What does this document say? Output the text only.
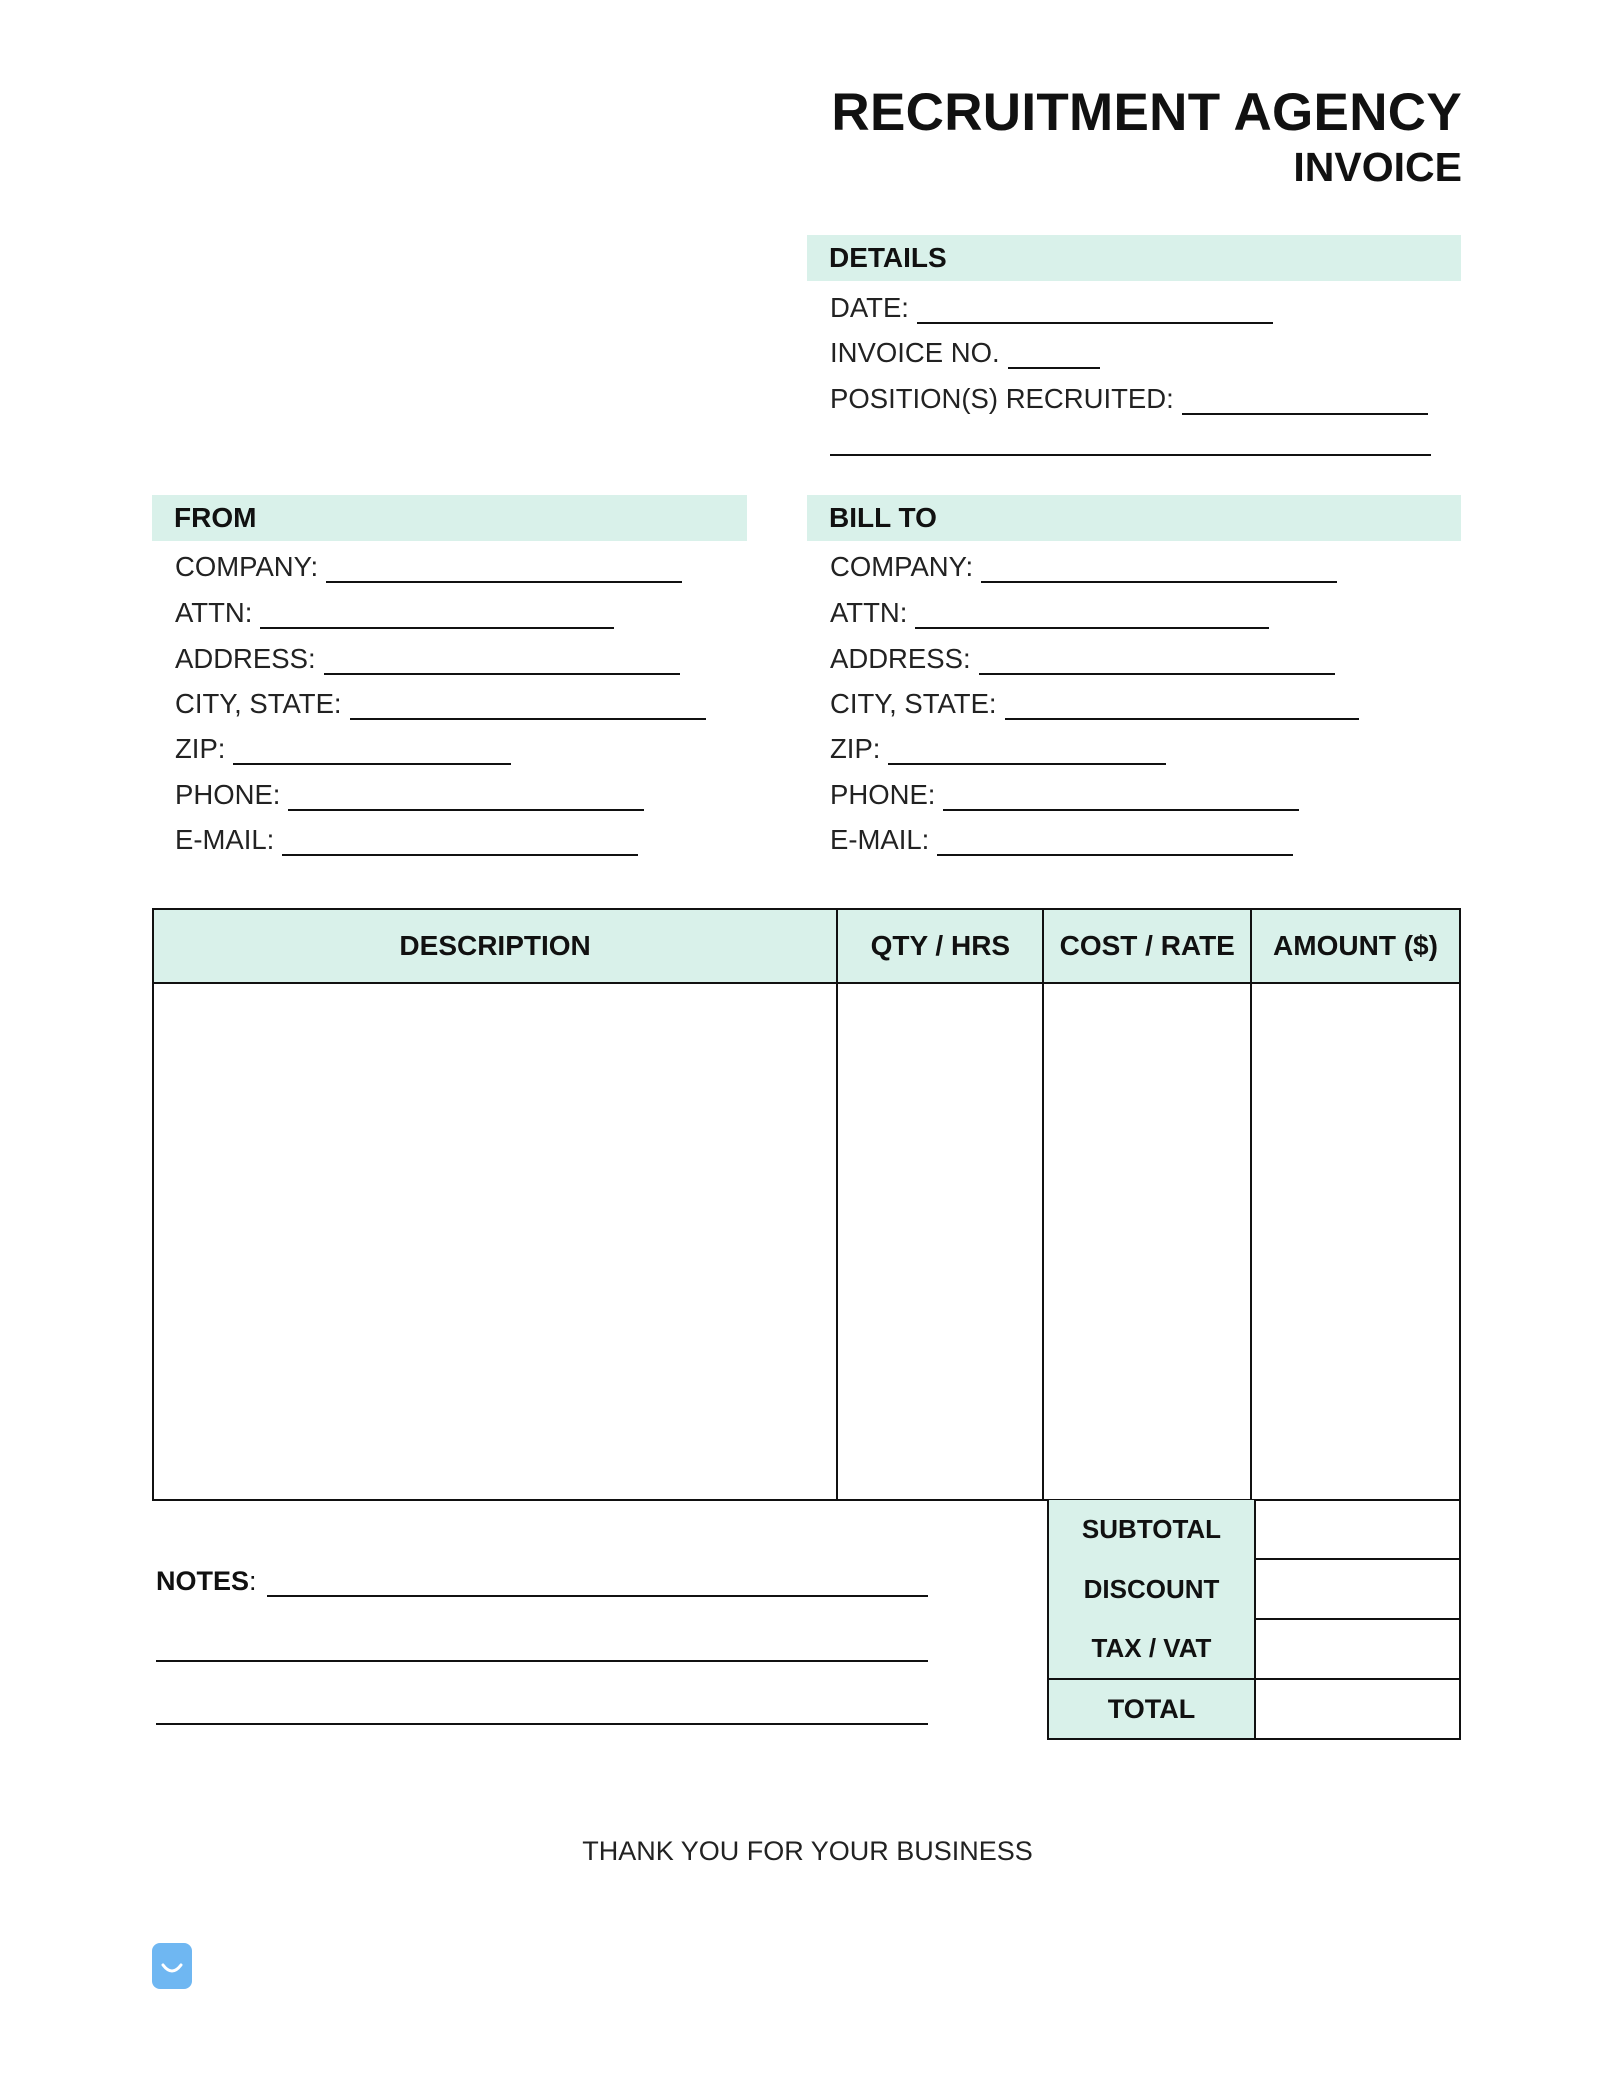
RECRUITMENT AGENCY
INVOICE
DETAILS
DATE:
INVOICE NO.
POSITION(S) RECRUITED:
FROM
COMPANY:
ATTN:
ADDRESS:
CITY, STATE:
ZIP:
PHONE:
E-MAIL:
BILL TO
COMPANY:
ATTN:
ADDRESS:
CITY, STATE:
ZIP:
PHONE:
E-MAIL:
DESCRIPTION	QTY / HRS	COST / RATE	AMOUNT ($)

SUBTOTAL	
DISCOUNT	
TAX / VAT	
TOTAL	
NOTES :
THANK YOU FOR YOUR BUSINESS
